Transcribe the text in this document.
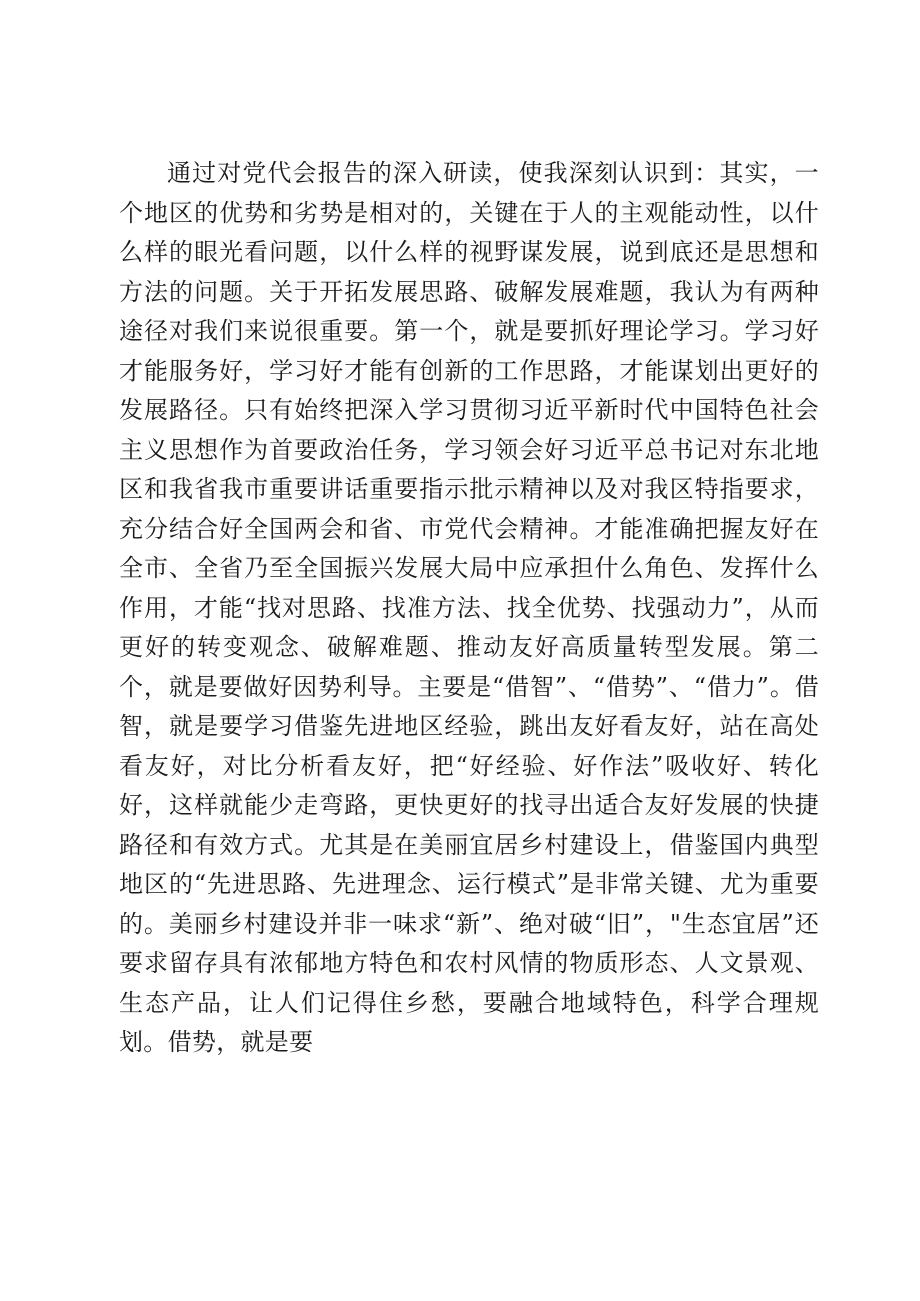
通过对党代会报告的深入研读，使我深刻认识到：其实，一个地区的优势和劣势是相对的，关键在于人的主观能动性，以什么样的眼光看问题，以什么样的视野谋发展，说到底还是思想和方法的问题。关于开拓发展思路、破解发展难题，我认为有两种途径对我们来说很重要。第一个，就是要抓好理论学习。学习好才能服务好，学习好才能有创新的工作思路，才能谋划出更好的发展路径。只有始终把深入学习贯彻习近平新时代中国特色社会主义思想作为首要政治任务，学习领会好习近平总书记对东北地区和我省我市重要讲话重要指示批示精神以及对我区特指要求，充分结合好全国两会和省、市党代会精神。才能准确把握友好在全市、全省乃至全国振兴发展大局中应承担什么角色、发挥什么作用，才能“找对思路、找准方法、找全优势、找强动力”，从而更好的转变观念、破解难题、推动友好高质量转型发展。第二个，就是要做好因势利导。主要是“借智”、“借势”、“借力”。借智，就是要学习借鉴先进地区经验，跳出友好看友好，站在高处看友好，对比分析看友好，把“好经验、好作法”吸收好、转化好，这样就能少走弯路，更快更好的找寻出适合友好发展的快捷路径和有效方式。尤其是在美丽宜居乡村建设上，借鉴国内典型地区的“先进思路、先进理念、运行模式”是非常关键、尤为重要的。美丽乡村建设并非一味求“新”、绝对破“旧”，"生态宜居”还要求留存具有浓郁地方特色和农村风情的物质形态、人文景观、生态产品，让人们记得住乡愁，要融合地域特色，科学合理规划。借势，就是要
